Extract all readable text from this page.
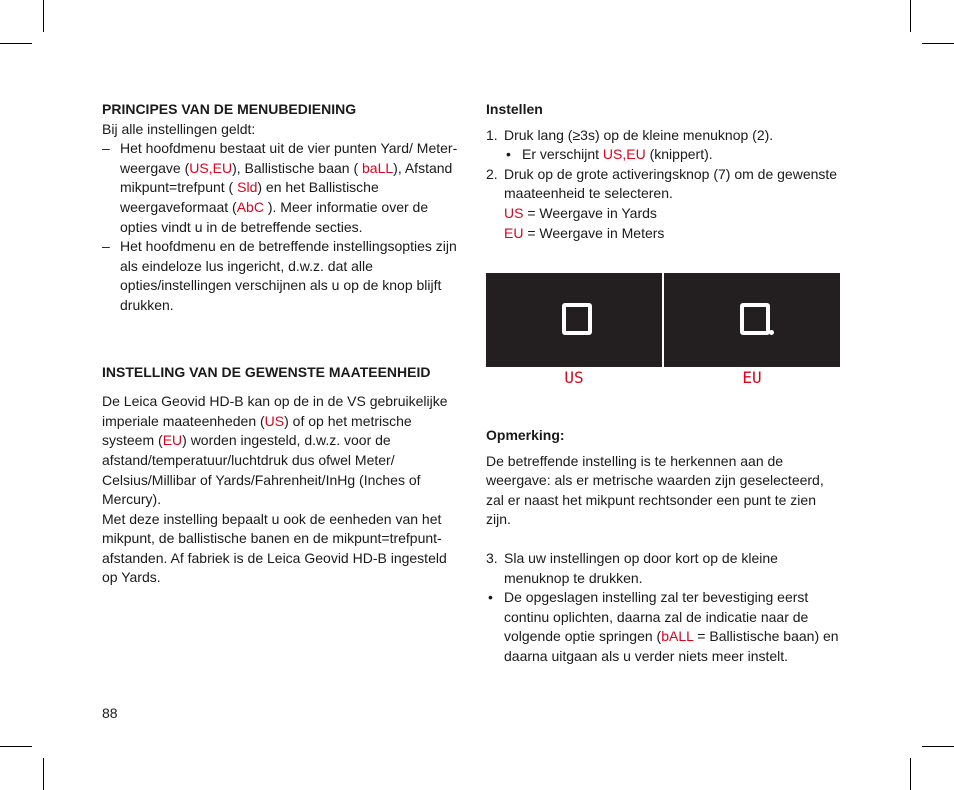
PRINCIPES VAN DE MENUBEDIENING

Bij alle instellingen geldt:

– Het hoofdmenu bestaat uit de vier punten Yard/ Meter-weergave (US,EU), Ballistische baan ( baLL), Afstand mikpunt=trefpunt ( Sld) en het Ballistische weergaveformaat (AbC ). Meer informatie over de opties vindt u in de betreffende secties.
– Het hoofdmenu en de betreffende instellingsopties zijn als eindeloze lus ingericht, d.w.z. dat alle opties/instellingen verschijnen als u op de knop blijft drukken.
INSTELLING VAN DE GEWENSTE MAATEENHEID

De Leica Geovid HD-B kan op de in de VS gebruikelijke imperiale maateenheden (US) of op het metrische systeem (EU) worden ingesteld, d.w.z. voor de afstand/temperatuur/luchtdruk dus ofwel Meter/ Celsius/Millibar of Yards/Fahrenheit/InHg (Inches of Mercury).

Met deze instelling bepaalt u ook de eenheden van het mikpunt, de ballistische banen en de mikpunt=trefpunt-afstanden. Af fabriek is de Leica Geovid HD-B ingesteld op Yards.

Instellen
1. Druk lang (≥3s) op de kleine menuknop (2).
• Er verschijnt US,EU (knippert).
2. Druk op de grote activeringsknop (7) om de gewenste maateenheid te selecteren.
US = Weergave in Yards
EU = Weergave in Meters
Opmerking:

De betreffende instelling is te herkennen aan de weergave: als er metrische waarden zijn geselecteerd, zal er naast het mikpunt rechtsonder een punt te zien zijn.

3. Sla uw instellingen op door kort op de kleine menuknop te drukken.
• De opgeslagen instelling zal ter bevestiging eerst continu oplichten, daarna zal de indicatie naar de volgende optie springen (bALL = Ballistische baan) en daarna uitgaan als u verder niets meer instelt.
US	EU
88
